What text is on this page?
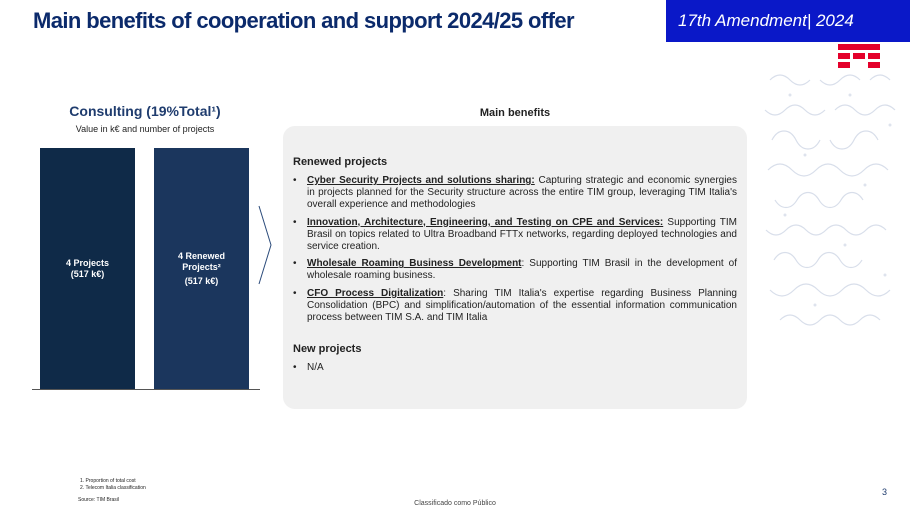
Main benefits of cooperation and support 2024/25 offer	17th Amendment| 2024
Consulting (19%Total¹)
Value in k€ and number of projects
4 Projects
(517 k€)
4 Renewed Projects²
(517 k€)
Main benefits
Renewed projects
• Cyber Security Projects and solutions sharing: Capturing strategic and economic synergies in projects planned for the Security structure across the entire TIM group, leveraging TIM Italia's overall experience and methodologies
• Innovation, Architecture, Engineering, and Testing on CPE and Services: Supporting TIM Brasil on topics related to Ultra Broadband FTTx networks, regarding deployed technologies and service creation.
• Wholesale Roaming Business Development: Supporting TIM Brasil in the development of wholesale roaming business.
• CFO Process Digitalization: Sharing TIM Italia's expertise regarding Business Planning Consolidation (BPC) and simplification/automation of the essential information communication process between TIM S.A. and TIM Italia
New projects
• N/A
1. Proportion of total cost
2. Telecom Italia classification
Source: TIM Brasil	Classificado como Público
3
